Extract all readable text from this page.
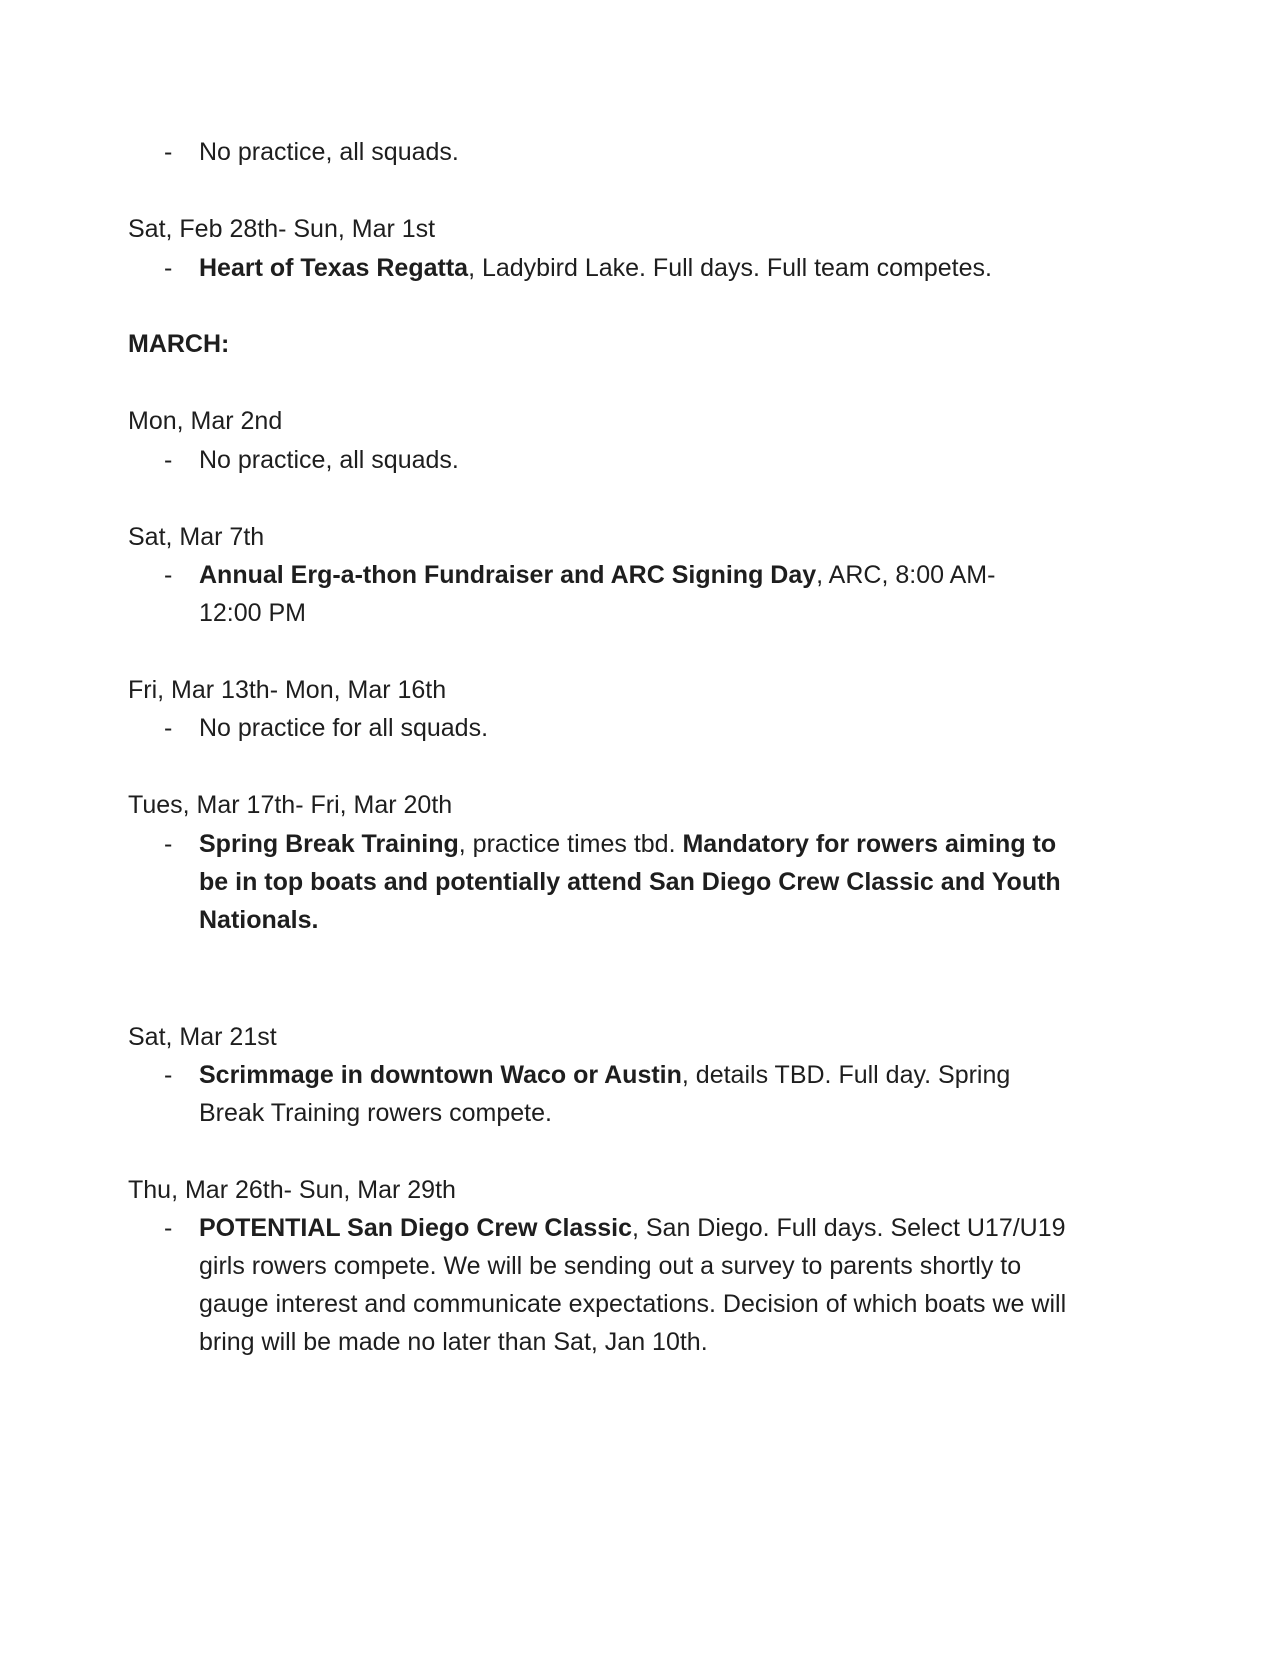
- No practice, all squads.
Sat, Feb 28th- Sun, Mar 1st
- Heart of Texas Regatta, Ladybird Lake. Full days. Full team competes.
MARCH:
Mon, Mar 2nd
- No practice, all squads.
Sat, Mar 7th
- Annual Erg-a-thon Fundraiser and ARC Signing Day, ARC, 8:00 AM- 12:00 PM
Fri, Mar 13th- Mon, Mar 16th
- No practice for all squads.
Tues, Mar 17th- Fri, Mar 20th
- Spring Break Training, practice times tbd. Mandatory for rowers aiming to be in top boats and potentially attend San Diego Crew Classic and Youth Nationals.
Sat, Mar 21st
- Scrimmage in downtown Waco or Austin, details TBD. Full day. Spring Break Training rowers compete.
Thu, Mar 26th- Sun, Mar 29th
- POTENTIAL San Diego Crew Classic, San Diego. Full days. Select U17/U19 girls rowers compete. We will be sending out a survey to parents shortly to gauge interest and communicate expectations. Decision of which boats we will bring will be made no later than Sat, Jan 10th.
